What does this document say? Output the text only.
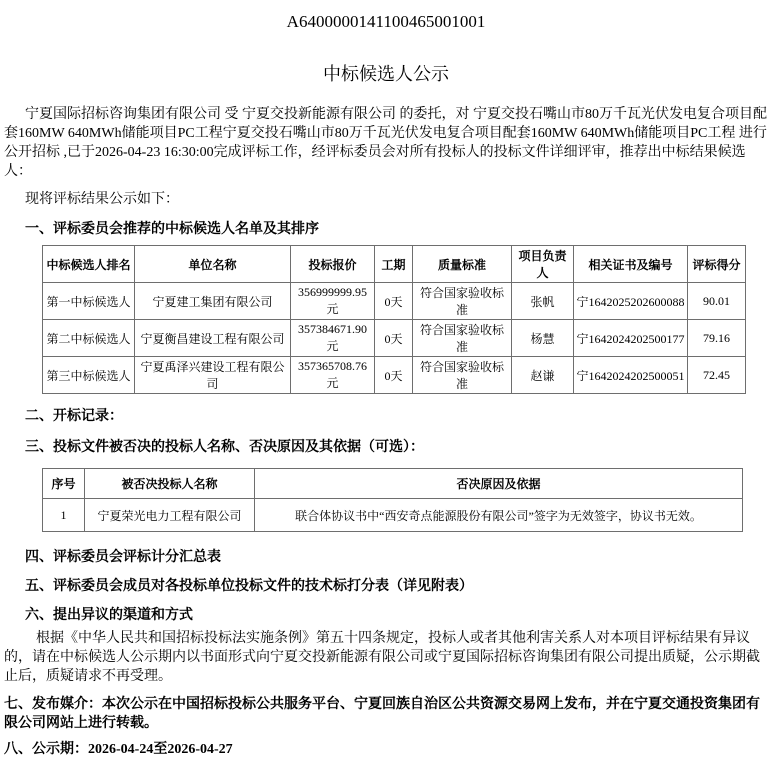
A6400000141100465001001

中标候选人公示

宁夏国际招标咨询集团有限公司 受 宁夏交投新能源有限公司 的委托，对 宁夏交投石嘴山市80万千瓦光伏发电复合项目配套160MW 640MWh储能项目PC工程宁夏交投石嘴山市80万千瓦光伏发电复合项目配套160MW 640MWh储能项目PC工程 进行 公开招标 ,已于2026-04-23 16:30:00完成评标工作，经评标委员会对所有投标人的投标文件详细评审，推荐出中标结果候选人：

现将评标结果公示如下：

一、评标委员会推荐的中标候选人名单及其排序

中标候选人排名	单位名称	投标报价	工期	质量标准	项目负责人	相关证书及编号	评标得分
第一中标候选人	宁夏建工集团有限公司	356999999.95元	0天	符合国家验收标准	张帆	宁1642025202600088	90.01
第二中标候选人	宁夏衡昌建设工程有限公司	357384671.90元	0天	符合国家验收标准	杨慧	宁1642024202500177	79.16
第三中标候选人	宁夏禹泽兴建设工程有限公司	357365708.76元	0天	符合国家验收标准	赵谦	宁1642024202500051	72.45

二、开标记录：

三、投标文件被否决的投标人名称、否决原因及其依据（可选）：

序号	被否决投标人名称	否决原因及依据
1	宁夏荣光电力工程有限公司	联合体协议书中“西安奇点能源股份有限公司”签字为无效签字，协议书无效。

四、评标委员会评标计分汇总表

五、评标委员会成员对各投标单位投标文件的技术标打分表（详见附表）

六、提出异议的渠道和方式

根据《中华人民共和国招标投标法实施条例》第五十四条规定，投标人或者其他利害关系人对本项目评标结果有异议的，请在中标候选人公示期内以书面形式向宁夏交投新能源有限公司或宁夏国际招标咨询集团有限公司提出质疑，公示期截止后，质疑请求不再受理。

七、发布媒介：本次公示在中国招标投标公共服务平台、宁夏回族自治区公共资源交易网上发布，并在宁夏交通投资集团有限公司网站上进行转载。

八、公示期：2026-04-24至2026-04-27
